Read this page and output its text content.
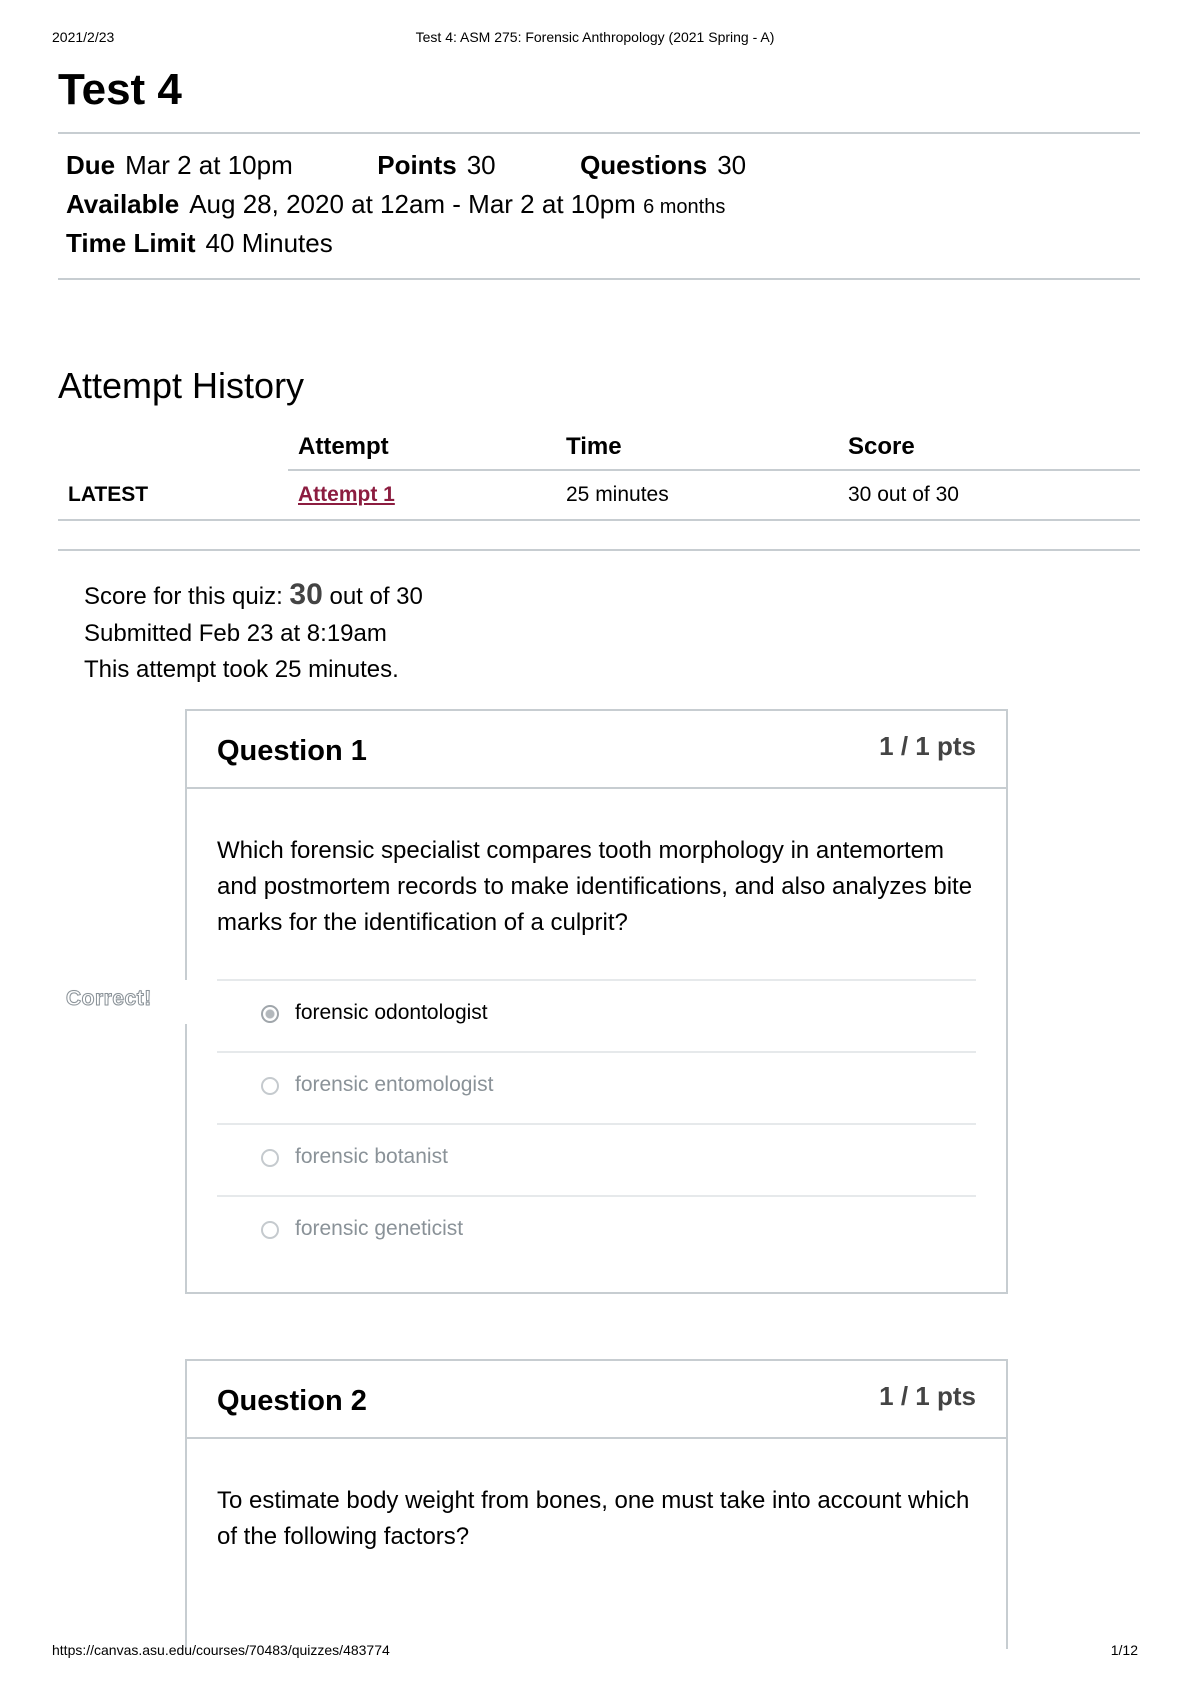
2021/2/23	Test 4: ASM 275: Forensic Anthropology (2021 Spring - A)
Test 4
Due Mar 2 at 10pm	Points 30	Questions 30
Available Aug 28, 2020 at 12am - Mar 2 at 10pm 6 months
Time Limit 40 Minutes
Attempt History
	Attempt	Time	Score
LATEST	Attempt 1	25 minutes	30 out of 30
Score for this quiz: 30 out of 30
Submitted Feb 23 at 8:19am
This attempt took 25 minutes.
Question 1	1 / 1 pts

Which forensic specialist compares tooth morphology in antemortem and postmortem records to make identifications, and also analyzes bite marks for the identification of a culprit?

forensic odontologist
forensic entomologist
forensic botanist
forensic geneticist
Correct!
Question 2	1 / 1 pts

To estimate body weight from bones, one must take into account which of the following factors?

https://canvas.asu.edu/courses/70483/quizzes/483774	1/12
